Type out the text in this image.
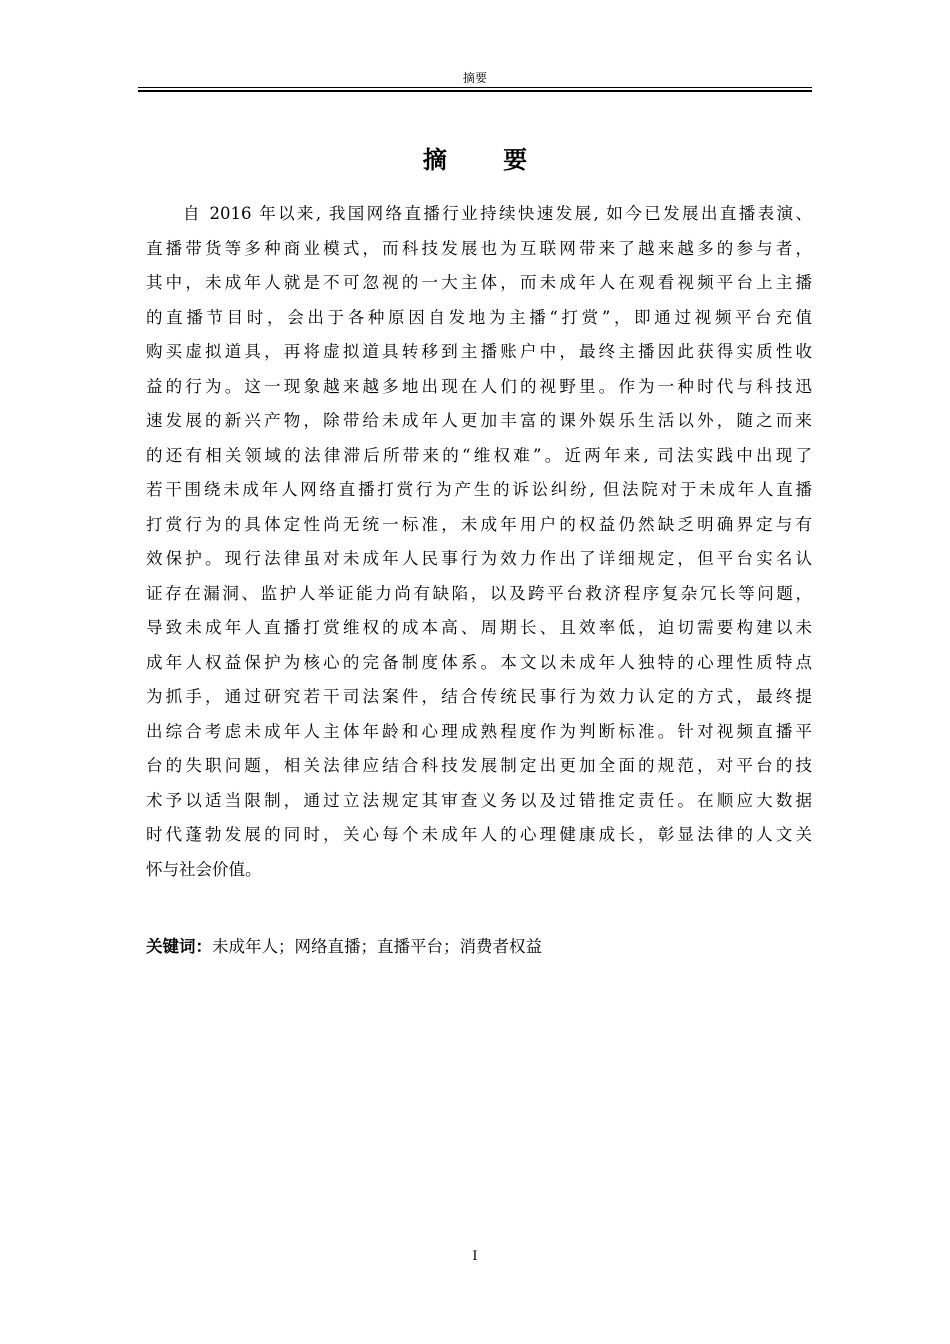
摘要
摘 要
自 2016 年以来, 我国网络直播行业持续快速发展, 如今已发展出直播表演、
直播带货等多种商业模式，而科技发展也为互联网带来了越来越多的参与者，
其中，未成年人就是不可忽视的一大主体，而未成年人在观看视频平台上主播
的直播节目时，会出于各种原因自发地为主播“打赏”，即通过视频平台充值
购买虚拟道具，再将虚拟道具转移到主播账户中，最终主播因此获得实质性收
益的行为。这一现象越来越多地出现在人们的视野里。作为一种时代与科技迅
速发展的新兴产物，除带给未成年人更加丰富的课外娱乐生活以外，随之而来
的还有相关领域的法律滞后所带来的“维权难”。近两年来, 司法实践中出现了
若干围绕未成年人网络直播打赏行为产生的诉讼纠纷, 但法院对于未成年人直播
打赏行为的具体定性尚无统一标准，未成年用户的权益仍然缺乏明确界定与有
效保护。现行法律虽对未成年人民事行为效力作出了详细规定，但平台实名认
证存在漏洞、监护人举证能力尚有缺陷，以及跨平台救济程序复杂冗长等问题，
导致未成年人直播打赏维权的成本高、周期长、且效率低，迫切需要构建以未
成年人权益保护为核心的完备制度体系。本文以未成年人独特的心理性质特点
为抓手，通过研究若干司法案件，结合传统民事行为效力认定的方式，最终提
出综合考虑未成年人主体年龄和心理成熟程度作为判断标准。针对视频直播平
台的失职问题，相关法律应结合科技发展制定出更加全面的规范，对平台的技
术予以适当限制，通过立法规定其审查义务以及过错推定责任。在顺应大数据
时代蓬勃发展的同时，关心每个未成年人的心理健康成长，彰显法律的人文关
怀与社会价值。
关键词：未成年人；网络直播；直播平台；消费者权益
I
